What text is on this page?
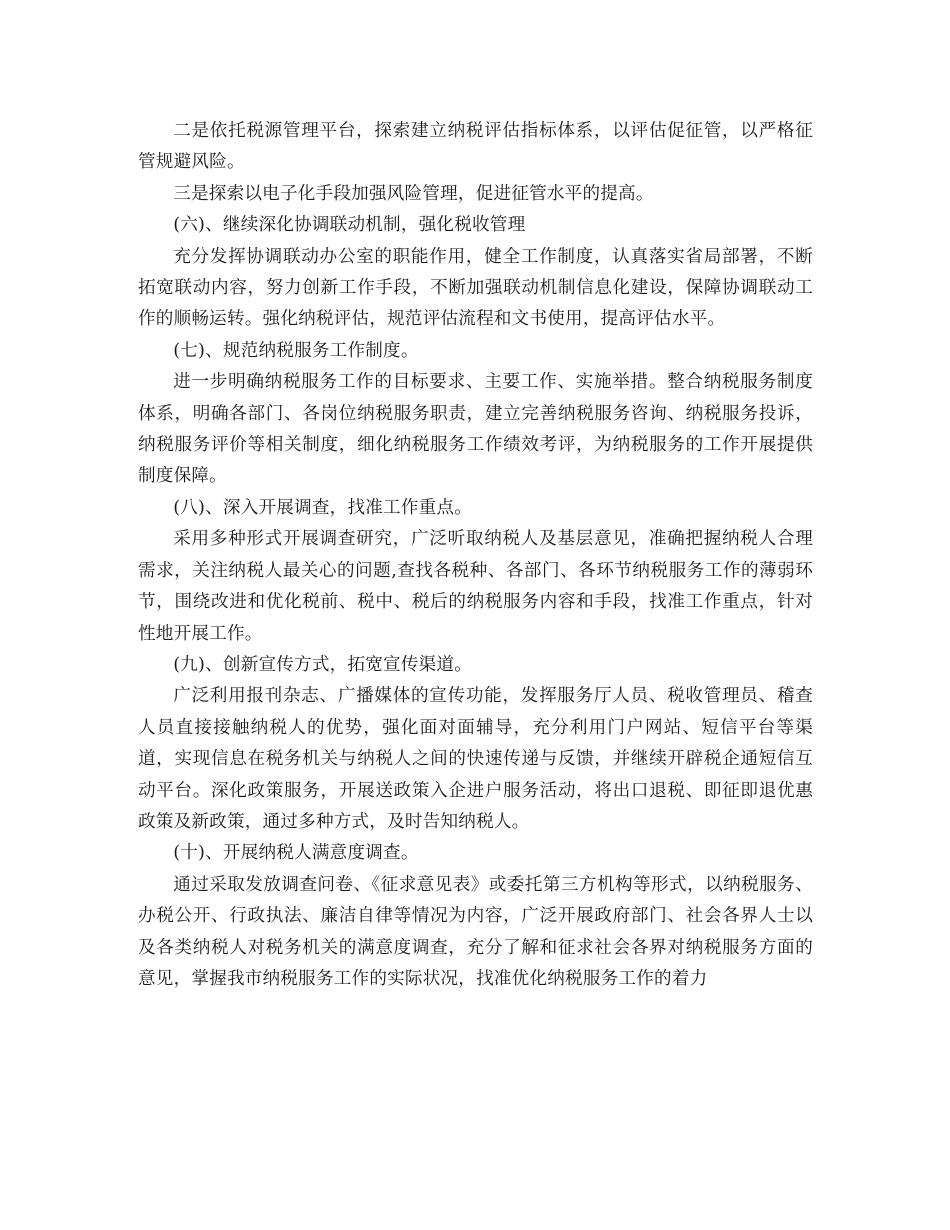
二是依托税源管理平台，探索建立纳税评估指标体系，以评估促征管，以严格征管规避风险。

三是探索以电子化手段加强风险管理，促进征管水平的提高。

(六)、继续深化协调联动机制，强化税收管理

充分发挥协调联动办公室的职能作用，健全工作制度，认真落实省局部署，不断拓宽联动内容，努力创新工作手段，不断加强联动机制信息化建设，保障协调联动工作的顺畅运转。强化纳税评估，规范评估流程和文书使用，提高评估水平。

(七)、规范纳税服务工作制度。

进一步明确纳税服务工作的目标要求、主要工作、实施举措。整合纳税服务制度体系，明确各部门、各岗位纳税服务职责，建立完善纳税服务咨询、纳税服务投诉，纳税服务评价等相关制度，细化纳税服务工作绩效考评，为纳税服务的工作开展提供制度保障。

(八)、深入开展调查，找准工作重点。

采用多种形式开展调查研究，广泛听取纳税人及基层意见，准确把握纳税人合理需求，关注纳税人最关心的问题,查找各税种、各部门、各环节纳税服务工作的薄弱环节，围绕改进和优化税前、税中、税后的纳税服务内容和手段，找准工作重点，针对性地开展工作。

(九)、创新宣传方式，拓宽宣传渠道。

广泛利用报刊杂志、广播媒体的宣传功能，发挥服务厅人员、税收管理员、稽查人员直接接触纳税人的优势，强化面对面辅导，充分利用门户网站、短信平台等渠道，实现信息在税务机关与纳税人之间的快速传递与反馈，并继续开辟税企通短信互动平台。深化政策服务，开展送政策入企进户服务活动，将出口退税、即征即退优惠政策及新政策，通过多种方式，及时告知纳税人。

(十)、开展纳税人满意度调查。

通过采取发放调查问卷、《征求意见表》或委托第三方机构等形式，以纳税服务、办税公开、行政执法、廉洁自律等情况为内容，广泛开展政府部门、社会各界人士以及各类纳税人对税务机关的满意度调查，充分了解和征求社会各界对纳税服务方面的意见，掌握我市纳税服务工作的实际状况，找准优化纳税服务工作的着力
